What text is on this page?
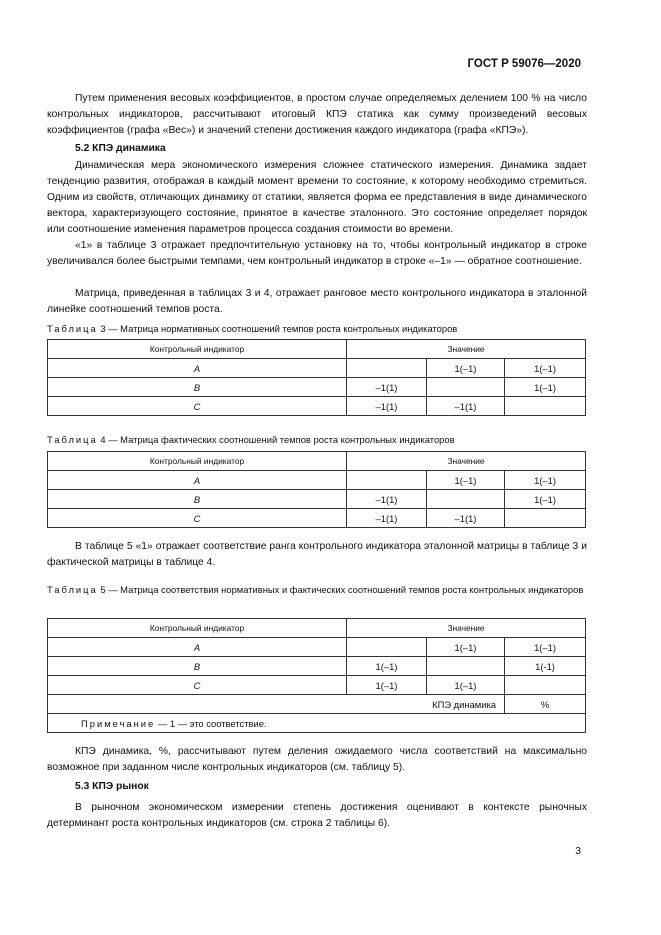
ГОСТ Р 59076—2020

Путем применения весовых коэффициентов, в простом случае определяемых делением 100 % на число контрольных индикаторов, рассчитывают итоговый КПЭ статика как сумму произведений весовых коэффициентов (графа «Вес») и значений степени достижения каждого индикатора (графа «КПЭ»).

5.2 КПЭ динамика

Динамическая мера экономического измерения сложнее статического измерения. Динамика задает тенденцию развития, отображая в каждый момент времени то состояние, к которому необходимо стремиться. Одним из свойств, отличающих динамику от статики, является форма ее представления в виде динамического вектора, характеризующего состояние, принятое в качестве эталонного. Это состояние определяет порядок или соотношение изменения параметров процесса создания стоимости во времени.

«1» в таблице 3 отражает предпочтительную установку на то, чтобы контрольный индикатор в строке увеличивался более быстрыми темпами, чем контрольный индикатор в строке «–1» — обратное соотношение.

Матрица, приведенная в таблицах 3 и 4, отражает ранговое место контрольного индикатора в эталонной линейке соотношений темпов роста.

Таблица 3 — Матрица нормативных соотношений темпов роста контрольных индикаторов
Контрольный индикатор	Значение		
A		1(–1)	1(–1)
B	–1(1)		1(–1)
C	–1(1)	–1(1)	
Таблица 4 — Матрица фактических соотношений темпов роста контрольных индикаторов
Контрольный индикатор	Значение		
A		1(–1)	1(–1)
B	–1(1)		1(–1)
C	–1(1)	–1(1)	

В таблице 5 «1» отражает соответствие ранга контрольного индикатора эталонной матрицы в таблице 3 и фактической матрицы в таблице 4.

Таблица 5 — Матрица соответствия нормативных и фактических соотношений темпов роста контрольных индикаторов
Контрольный индикатор	Значение		
A		1(–1)	1(–1)
B	1(–1)		1(-1)
C	1(–1)	1(–1)	
КПЭ динамика			%
Примечание — 1 — это соответствие.			

КПЭ динамика, %, рассчитывают путем деления ожидаемого числа соответствий на максимально возможное при заданном числе контрольных индикаторов (см. таблицу 5).

5.3 КПЭ рынок

В рыночном экономическом измерении степень достижения оценивают в контексте рыночных детерминант роста контрольных индикаторов (см. строка 2 таблицы 6).

3
